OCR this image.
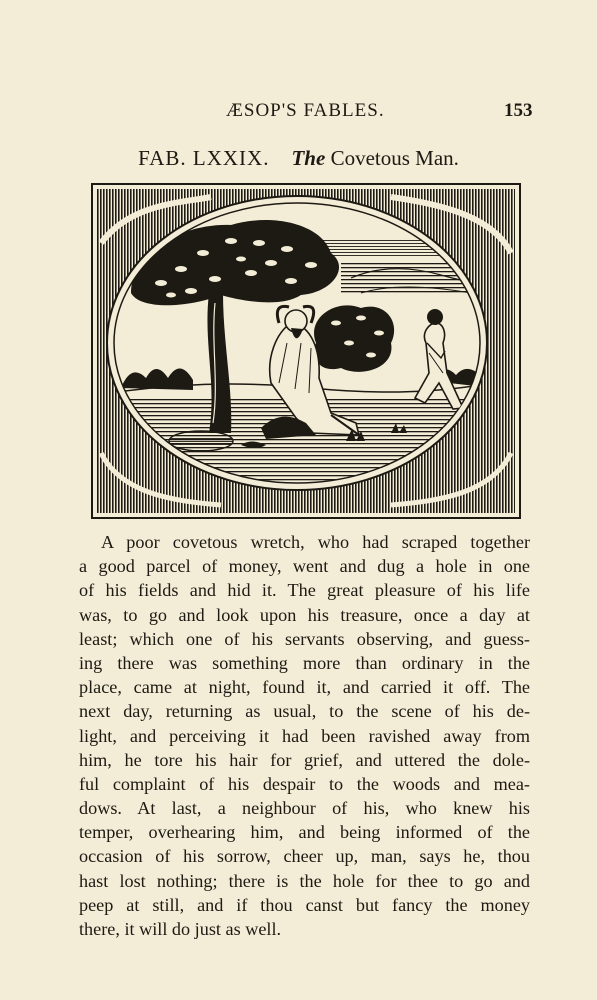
ÆSOP'S FABLES.	153
FAB. LXXIX. The Covetous Man.
A poor covetous wretch, who had scraped together
a good parcel of money, went and dug a hole in one
of his fields and hid it. The great pleasure of his life
was, to go and look upon his treasure, once a day at
least; which one of his servants observing, and guess-
ing there was something more than ordinary in the
place, came at night, found it, and carried it off. The
next day, returning as usual, to the scene of his de-
light, and perceiving it had been ravished away from
him, he tore his hair for grief, and uttered the dole-
ful complaint of his despair to the woods and mea-
dows. At last, a neighbour of his, who knew his
temper, overhearing him, and being informed of the
occasion of his sorrow, cheer up, man, says he, thou
hast lost nothing; there is the hole for thee to go and
peep at still, and if thou canst but fancy the money
there, it will do just as well.
